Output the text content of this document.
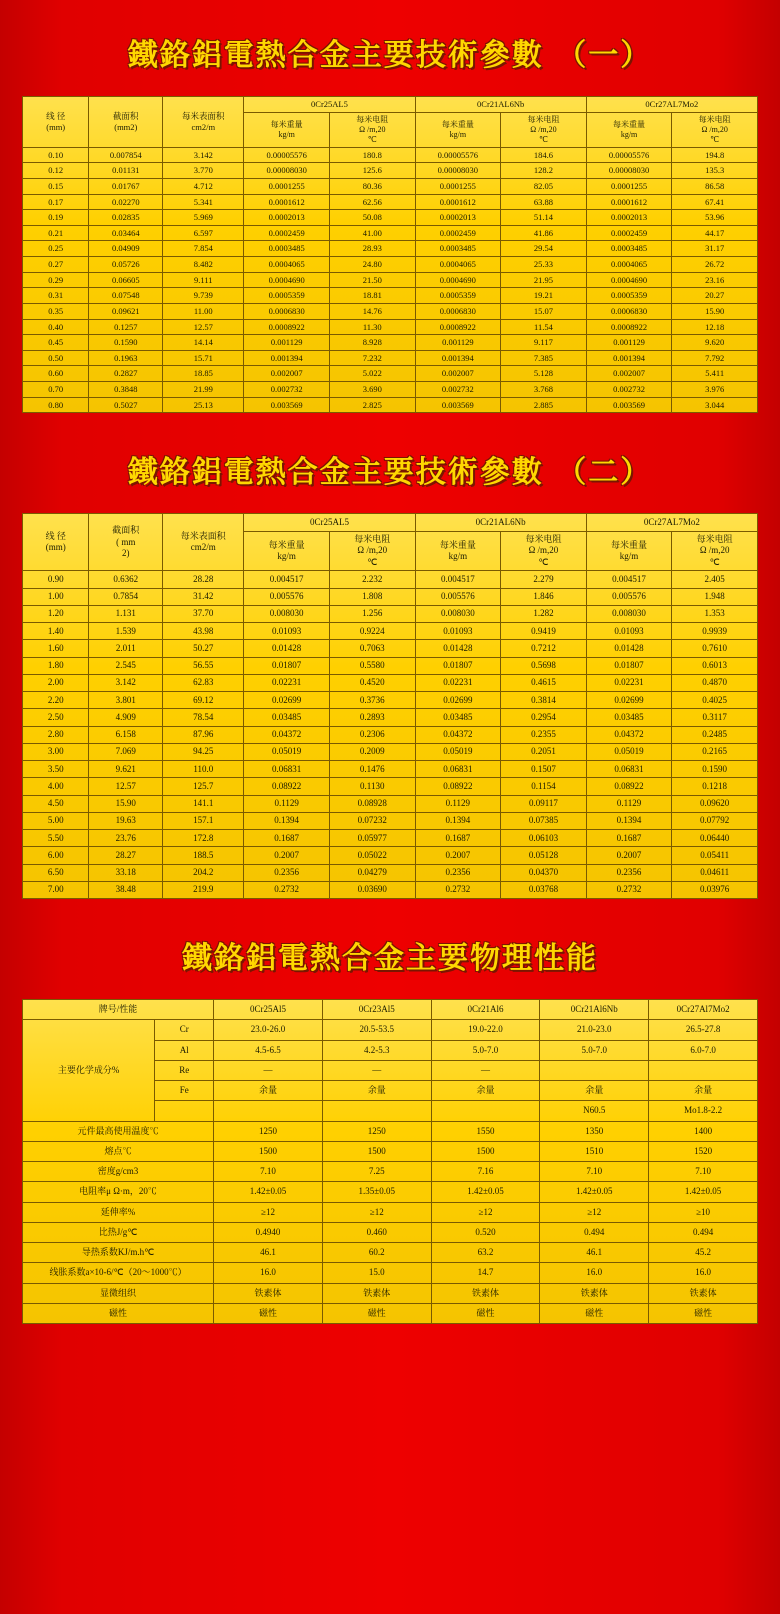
鐵鉻鋁電熱合金主要技術參數 （一）
线 径
(mm)

截面积
(mm2)

每米表面积
cm2/m
	0Cr25AL5	0Cr21AL6Nb	0Cr27AL7Mo2

每米重量
kg/m

每米电阻
Ω /m,20
℃

每米重量
kg/m

每米电阻
Ω /m,20
℃

每米重量
kg/m

每米电阻
Ω /m,20
℃

0.10	0.007854	3.142	0.00005576	180.8	0.00005576	184.6	0.00005576	194.8
0.12	0.01131	3.770	0.00008030	125.6	0.00008030	128.2	0.00008030	135.3
0.15	0.01767	4.712	0.0001255	80.36	0.0001255	82.05	0.0001255	86.58
0.17	0.02270	5.341	0.0001612	62.56	0.0001612	63.88	0.0001612	67.41
0.19	0.02835	5.969	0.0002013	50.08	0.0002013	51.14	0.0002013	53.96
0.21	0.03464	6.597	0.0002459	41.00	0.0002459	41.86	0.0002459	44.17
0.25	0.04909	7.854	0.0003485	28.93	0.0003485	29.54	0.0003485	31.17
0.27	0.05726	8.482	0.0004065	24.80	0.0004065	25.33	0.0004065	26.72
0.29	0.06605	9.111	0.0004690	21.50	0.0004690	21.95	0.0004690	23.16
0.31	0.07548	9.739	0.0005359	18.81	0.0005359	19.21	0.0005359	20.27
0.35	0.09621	11.00	0.0006830	14.76	0.0006830	15.07	0.0006830	15.90
0.40	0.1257	12.57	0.0008922	11.30	0.0008922	11.54	0.0008922	12.18
0.45	0.1590	14.14	0.001129	8.928	0.001129	9.117	0.001129	9.620
0.50	0.1963	15.71	0.001394	7.232	0.001394	7.385	0.001394	7.792
0.60	0.2827	18.85	0.002007	5.022	0.002007	5.128	0.002007	5.411
0.70	0.3848	21.99	0.002732	3.690	0.002732	3.768	0.002732	3.976
0.80	0.5027	25.13	0.003569	2.825	0.003569	2.885	0.003569	3.044
鐵鉻鋁電熱合金主要技術參數 （二）
线 径
(mm)

截面积
( mm
2)

每米表面积
cm2/m
	0Cr25AL5	0Cr21AL6Nb	0Cr27AL7Mo2

每米重量
kg/m

每米电阻
Ω /m,20
℃

每米重量
kg/m

每米电阻
Ω /m,20
℃

每米重量
kg/m

每米电阻
Ω /m,20
℃

0.90	0.6362	28.28	0.004517	2.232	0.004517	2.279	0.004517	2.405
1.00	0.7854	31.42	0.005576	1.808	0.005576	1.846	0.005576	1.948
1.20	1.131	37.70	0.008030	1.256	0.008030	1.282	0.008030	1.353
1.40	1.539	43.98	0.01093	0.9224	0.01093	0.9419	0.01093	0.9939
1.60	2.011	50.27	0.01428	0.7063	0.01428	0.7212	0.01428	0.7610
1.80	2.545	56.55	0.01807	0.5580	0.01807	0.5698	0.01807	0.6013
2.00	3.142	62.83	0.02231	0.4520	0.02231	0.4615	0.02231	0.4870
2.20	3.801	69.12	0.02699	0.3736	0.02699	0.3814	0.02699	0.4025
2.50	4.909	78.54	0.03485	0.2893	0.03485	0.2954	0.03485	0.3117
2.80	6.158	87.96	0.04372	0.2306	0.04372	0.2355	0.04372	0.2485
3.00	7.069	94.25	0.05019	0.2009	0.05019	0.2051	0.05019	0.2165
3.50	9.621	110.0	0.06831	0.1476	0.06831	0.1507	0.06831	0.1590
4.00	12.57	125.7	0.08922	0.1130	0.08922	0.1154	0.08922	0.1218
4.50	15.90	141.1	0.1129	0.08928	0.1129	0.09117	0.1129	0.09620
5.00	19.63	157.1	0.1394	0.07232	0.1394	0.07385	0.1394	0.07792
5.50	23.76	172.8	0.1687	0.05977	0.1687	0.06103	0.1687	0.06440
6.00	28.27	188.5	0.2007	0.05022	0.2007	0.05128	0.2007	0.05411
6.50	33.18	204.2	0.2356	0.04279	0.2356	0.04370	0.2356	0.04611
7.00	38.48	219.9	0.2732	0.03690	0.2732	0.03768	0.2732	0.03976
鐵鉻鋁電熱合金主要物理性能
牌号/性能		0Cr25Al5	0Cr23Al5	0Cr21Al6	0Cr21Al6Nb	0Cr27Al7Mo2
主要化学成分%	Cr	23.0-26.0	20.5-53.5	19.0-22.0	21.0-23.0	26.5-27.8
	Al	4.5-6.5	4.2-5.3	5.0-7.0	5.0-7.0	6.0-7.0
	Re	—	—	—		
	Fe	余量	余量	余量	余量	余量
					N60.5	Mo1.8-2.2
元件最高使用温度℃		1250	1250	1550	1350	1400
熔点℃		1500	1500	1500	1510	1520
密度g/cm3		7.10	7.25	7.16	7.10	7.10
电阻率μ Ω·m，20℃		1.42±0.05	1.35±0.05	1.42±0.05	1.42±0.05	1.42±0.05
延伸率%		≥12	≥12	≥12	≥12	≥10
比热J/g℃		0.4940	0.460	0.520	0.494	0.494
导热系数KJ/m.h℃		46.1	60.2	63.2	46.1	45.2
线胀系数a×10-6/℃（20～1000℃）		16.0	15.0	14.7	16.0	16.0
显微组织		铁素体	铁素体	铁素体	铁素体	铁素体
磁性		磁性	磁性	磁性	磁性	磁性
